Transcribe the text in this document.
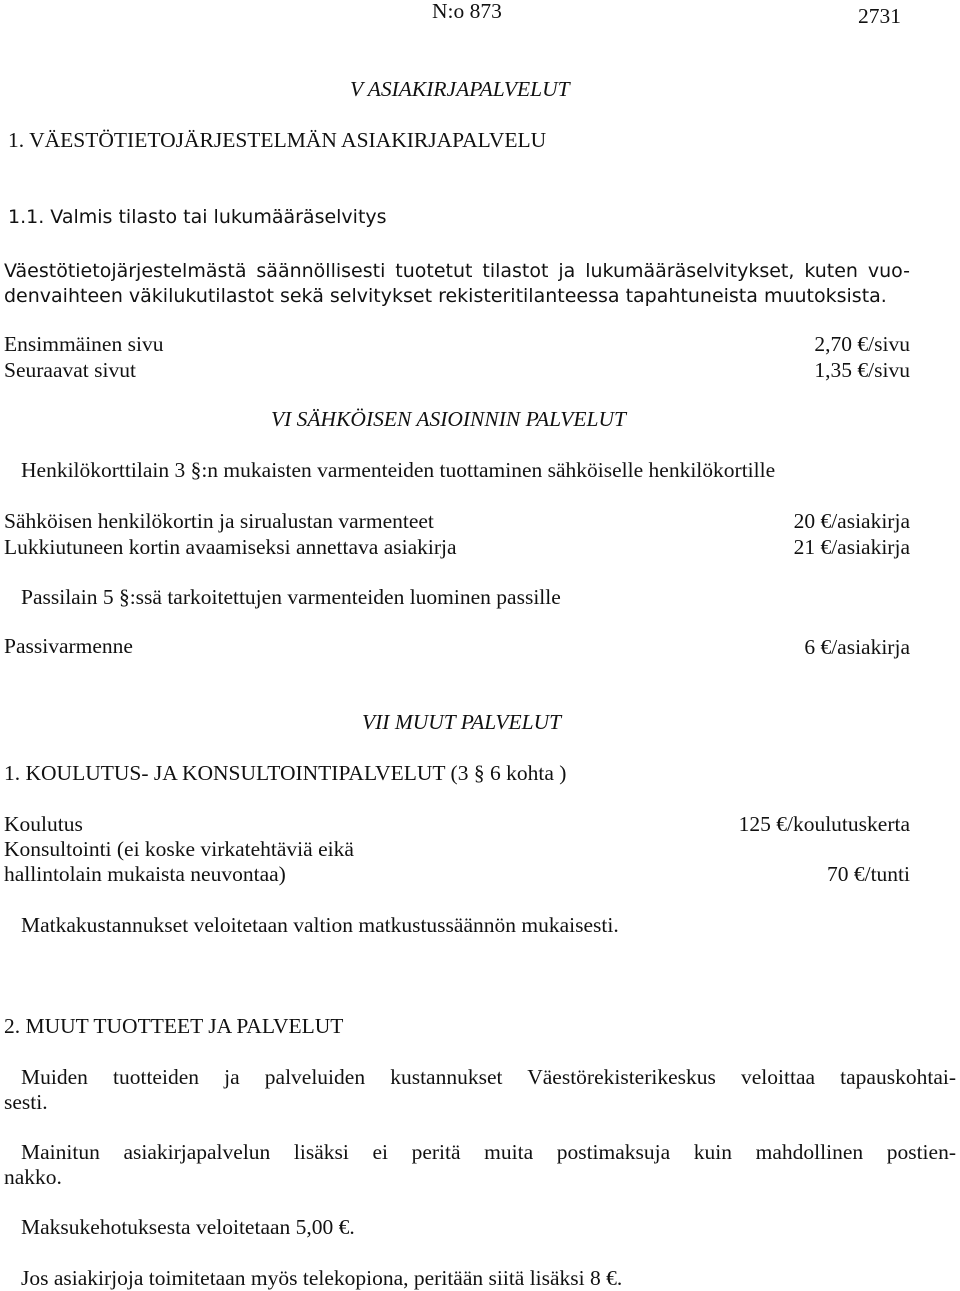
N:o 873	2731
V ASIAKIRJAPALVELUT
1. VÄESTÖTIETOJÄRJESTELMÄN ASIAKIRJAPALVELU
1.1. Valmis tilasto tai lukumääräselvitys
Väestötietojärjestelmästä säännöllisesti tuotetut tilastot ja lukumääräselvitykset, kuten vuo-
denvaihteen väkilukutilastot sekä selvitykset rekisteritilanteessa tapahtuneista muutoksista.
Ensimmäinen sivu	2,70 €/sivu
Seuraavat sivut	1,35 €/sivu
VI SÄHKÖISEN ASIOINNIN PALVELUT
Henkilökorttilain 3 §:n mukaisten varmenteiden tuottaminen sähköiselle henkilökortille
Sähköisen henkilökortin ja sirualustan varmenteet	20 €/asiakirja
Lukkiutuneen kortin avaamiseksi annettava asiakirja	21 €/asiakirja
Passilain 5 §:ssä tarkoitettujen varmenteiden luominen passille
Passivarmenne	6 €/asiakirja
VII MUUT PALVELUT
1. KOULUTUS- JA KONSULTOINTIPALVELUT (3 § 6 kohta )
Koulutus	125 €/koulutuskerta
Konsultointi (ei koske virkatehtäviä eikä
hallintolain mukaista neuvontaa)	70 €/tunti
Matkakustannukset veloitetaan valtion matkustussäännön mukaisesti.
2. MUUT TUOTTEET JA PALVELUT
Muiden tuotteiden ja palveluiden kustannukset Väestörekisterikeskus veloittaa tapauskohtai-
sesti.
Mainitun asiakirjapalvelun lisäksi ei peritä muita postimaksuja kuin mahdollinen postien-
nakko.
Maksukehotuksesta veloitetaan 5,00 €.
Jos asiakirjoja toimitetaan myös telekopiona, peritään siitä lisäksi 8 €.
